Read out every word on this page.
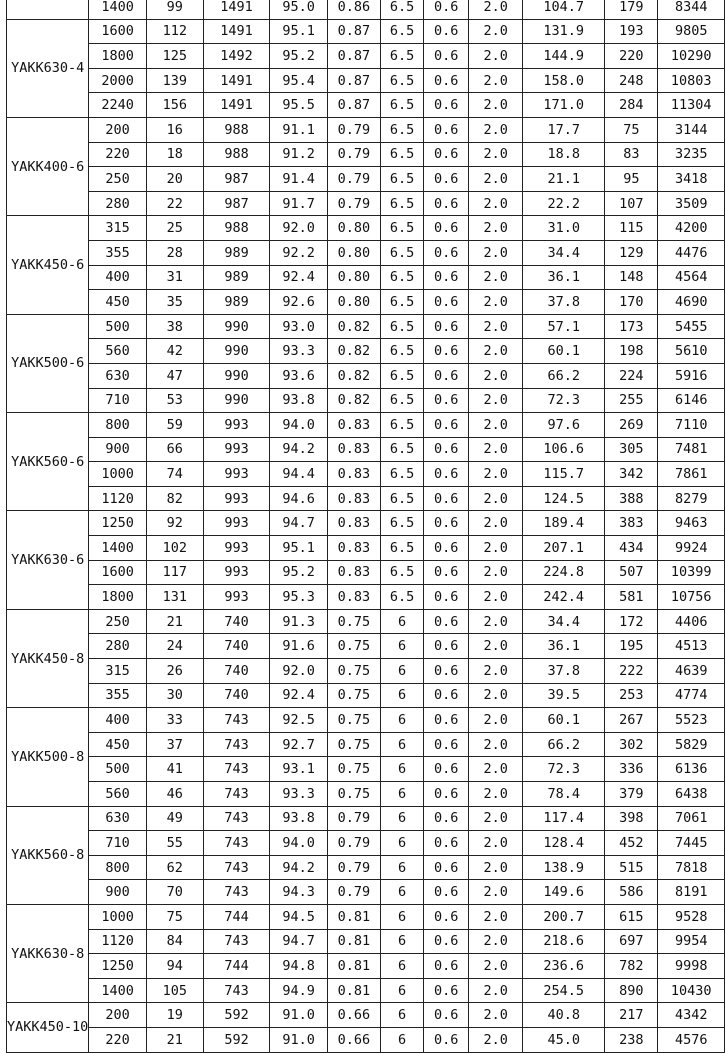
	1400	99	1491	95.0	0.86	6.5	0.6	2.0	104.7	179	8344
YAKK630-4	1600	112	1491	95.1	0.87	6.5	0.6	2.0	131.9	193	9805
	1800	125	1492	95.2	0.87	6.5	0.6	2.0	144.9	220	10290
	2000	139	1491	95.4	0.87	6.5	0.6	2.0	158.0	248	10803
	2240	156	1491	95.5	0.87	6.5	0.6	2.0	171.0	284	11304
YAKK400-6	200	16	988	91.1	0.79	6.5	0.6	2.0	17.7	75	3144
	220	18	988	91.2	0.79	6.5	0.6	2.0	18.8	83	3235
	250	20	987	91.4	0.79	6.5	0.6	2.0	21.1	95	3418
	280	22	987	91.7	0.79	6.5	0.6	2.0	22.2	107	3509
YAKK450-6	315	25	988	92.0	0.80	6.5	0.6	2.0	31.0	115	4200
	355	28	989	92.2	0.80	6.5	0.6	2.0	34.4	129	4476
	400	31	989	92.4	0.80	6.5	0.6	2.0	36.1	148	4564
	450	35	989	92.6	0.80	6.5	0.6	2.0	37.8	170	4690
YAKK500-6	500	38	990	93.0	0.82	6.5	0.6	2.0	57.1	173	5455
	560	42	990	93.3	0.82	6.5	0.6	2.0	60.1	198	5610
	630	47	990	93.6	0.82	6.5	0.6	2.0	66.2	224	5916
	710	53	990	93.8	0.82	6.5	0.6	2.0	72.3	255	6146
YAKK560-6	800	59	993	94.0	0.83	6.5	0.6	2.0	97.6	269	7110
	900	66	993	94.2	0.83	6.5	0.6	2.0	106.6	305	7481
	1000	74	993	94.4	0.83	6.5	0.6	2.0	115.7	342	7861
	1120	82	993	94.6	0.83	6.5	0.6	2.0	124.5	388	8279
YAKK630-6	1250	92	993	94.7	0.83	6.5	0.6	2.0	189.4	383	9463
	1400	102	993	95.1	0.83	6.5	0.6	2.0	207.1	434	9924
	1600	117	993	95.2	0.83	6.5	0.6	2.0	224.8	507	10399
	1800	131	993	95.3	0.83	6.5	0.6	2.0	242.4	581	10756
YAKK450-8	250	21	740	91.3	0.75	6	0.6	2.0	34.4	172	4406
	280	24	740	91.6	0.75	6	0.6	2.0	36.1	195	4513
	315	26	740	92.0	0.75	6	0.6	2.0	37.8	222	4639
	355	30	740	92.4	0.75	6	0.6	2.0	39.5	253	4774
YAKK500-8	400	33	743	92.5	0.75	6	0.6	2.0	60.1	267	5523
	450	37	743	92.7	0.75	6	0.6	2.0	66.2	302	5829
	500	41	743	93.1	0.75	6	0.6	2.0	72.3	336	6136
	560	46	743	93.3	0.75	6	0.6	2.0	78.4	379	6438
YAKK560-8	630	49	743	93.8	0.79	6	0.6	2.0	117.4	398	7061
	710	55	743	94.0	0.79	6	0.6	2.0	128.4	452	7445
	800	62	743	94.2	0.79	6	0.6	2.0	138.9	515	7818
	900	70	743	94.3	0.79	6	0.6	2.0	149.6	586	8191
YAKK630-8	1000	75	744	94.5	0.81	6	0.6	2.0	200.7	615	9528
	1120	84	743	94.7	0.81	6	0.6	2.0	218.6	697	9954
	1250	94	744	94.8	0.81	6	0.6	2.0	236.6	782	9998
	1400	105	743	94.9	0.81	6	0.6	2.0	254.5	890	10430
YAKK450-10	200	19	592	91.0	0.66	6	0.6	2.0	40.8	217	4342
	220	21	592	91.0	0.66	6	0.6	2.0	45.0	238	4576
